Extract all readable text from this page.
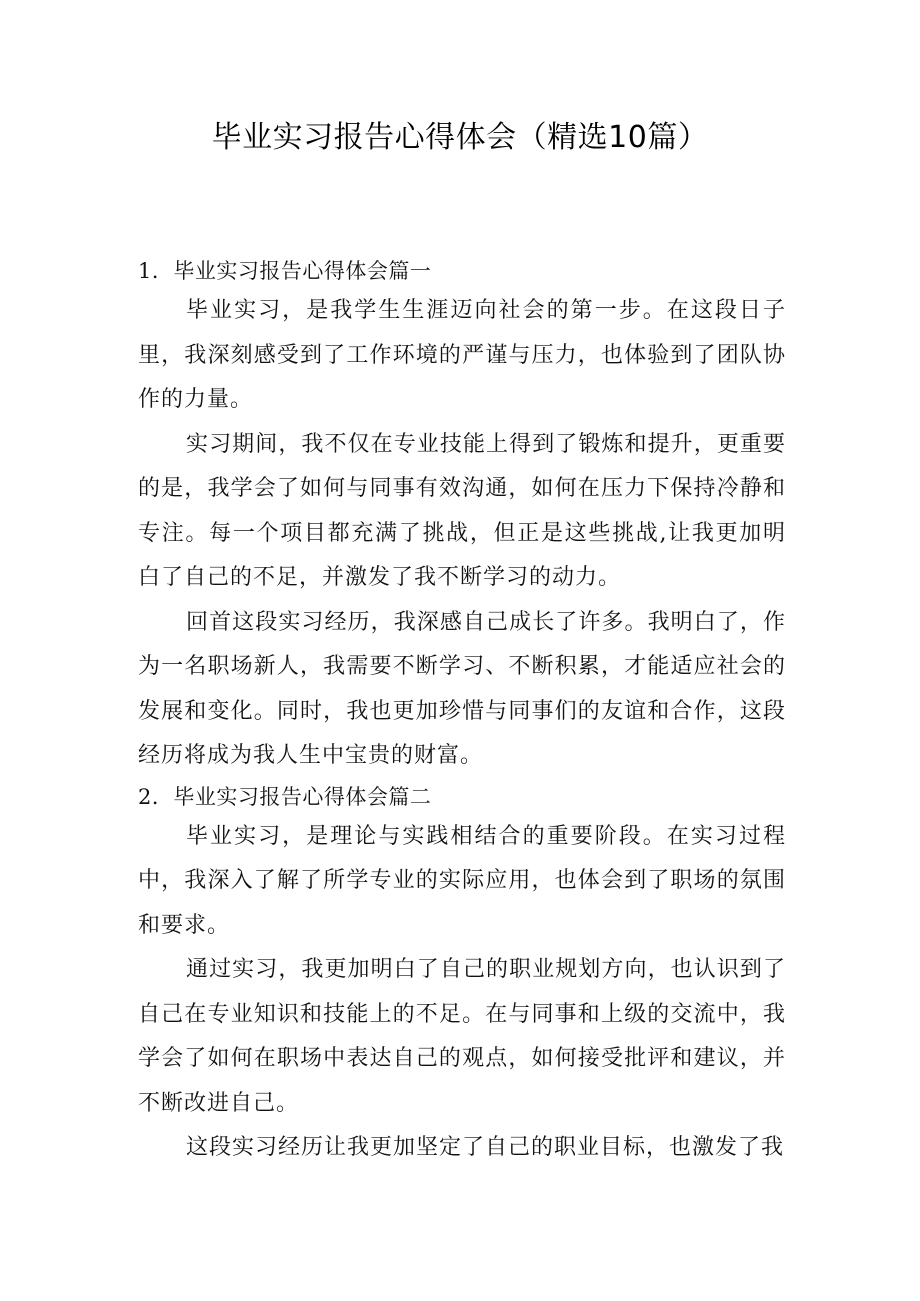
毕业实习报告心得体会（精选10篇）
1．毕业实习报告心得体会篇一

毕业实习，是我学生生涯迈向社会的第一步。在这段日子里，我深刻感受到了工作环境的严谨与压力，也体验到了团队协作的力量。

实习期间，我不仅在专业技能上得到了锻炼和提升，更重要的是，我学会了如何与同事有效沟通，如何在压力下保持冷静和专注。每一个项目都充满了挑战，但正是这些挑战,让我更加明白了自己的不足，并激发了我不断学习的动力。

回首这段实习经历，我深感自己成长了许多。我明白了，作为一名职场新人，我需要不断学习、不断积累，才能适应社会的发展和变化。同时，我也更加珍惜与同事们的友谊和合作，这段经历将成为我人生中宝贵的财富。

2．毕业实习报告心得体会篇二

毕业实习，是理论与实践相结合的重要阶段。在实习过程中，我深入了解了所学专业的实际应用，也体会到了职场的氛围和要求。

通过实习，我更加明白了自己的职业规划方向，也认识到了自己在专业知识和技能上的不足。在与同事和上级的交流中，我学会了如何在职场中表达自己的观点，如何接受批评和建议，并不断改进自己。

这段实习经历让我更加坚定了自己的职业目标，也激发了我
